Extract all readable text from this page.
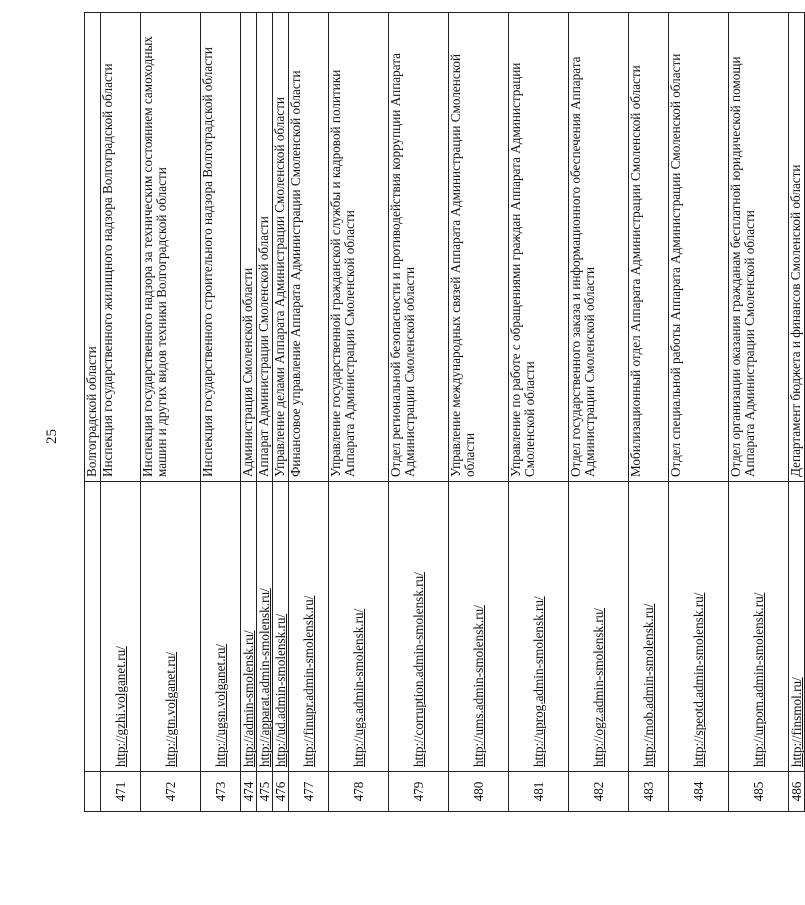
25
		Волгоградской области
471	http://gzhi.volganet.ru/	Инспекция государственного жилищного надзора Волгоградской области
472	http://gtn.volganet.ru/	Инспекция государственного надзора за техническим состоянием самоходных машин и других видов техники Волгоградской области
473	http://ugsn.volganet.ru/	Инспекция государственного строительного надзора Волгоградской области
474	http://admin-smolensk.ru/	Администрация Смоленской области
475	http://apparat.admin-smolensk.ru/	Аппарат Администрации Смоленской области
476	http://ud.admin-smolensk.ru/	Управление делами Аппарата Администрации Смоленской области
477	http://finupr.admin-smolensk.ru/	Финансовое управление Аппарата Администрации Смоленской области
478	http://ugs.admin-smolensk.ru/	Управление государственной гражданской службы и кадровой политики Аппарата Администрации Смоленской области
479	http://corruption.admin-smolensk.ru/	Отдел региональной безопасности и противодействия коррупции Аппарата Администрации Смоленской области
480	http://ums.admin-smolensk.ru/	Управление международных связей Аппарата Администрации Смоленской области
481	http://uprog.admin-smolensk.ru/	Управление по работе с обращениями граждан Аппарата Администрации Смоленской области
482	http://ogz.admin-smolensk.ru/	Отдел государственного заказа и информационного обеспечения Аппарата Администрации Смоленской области
483	http://mob.admin-smolensk.ru/	Мобилизационный отдел Аппарата Администрации Смоленской области
484	http://speotd.admin-smolensk.ru/	Отдел специальной работы Аппарата Администрации Смоленской области
485	http://urpom.admin-smolensk.ru/	Отдел организации оказания гражданам бесплатной юридической помощи Аппарата Администрации Смоленской области
486	http://finsmol.ru/	Департамент бюджета и финансов Смоленской области
